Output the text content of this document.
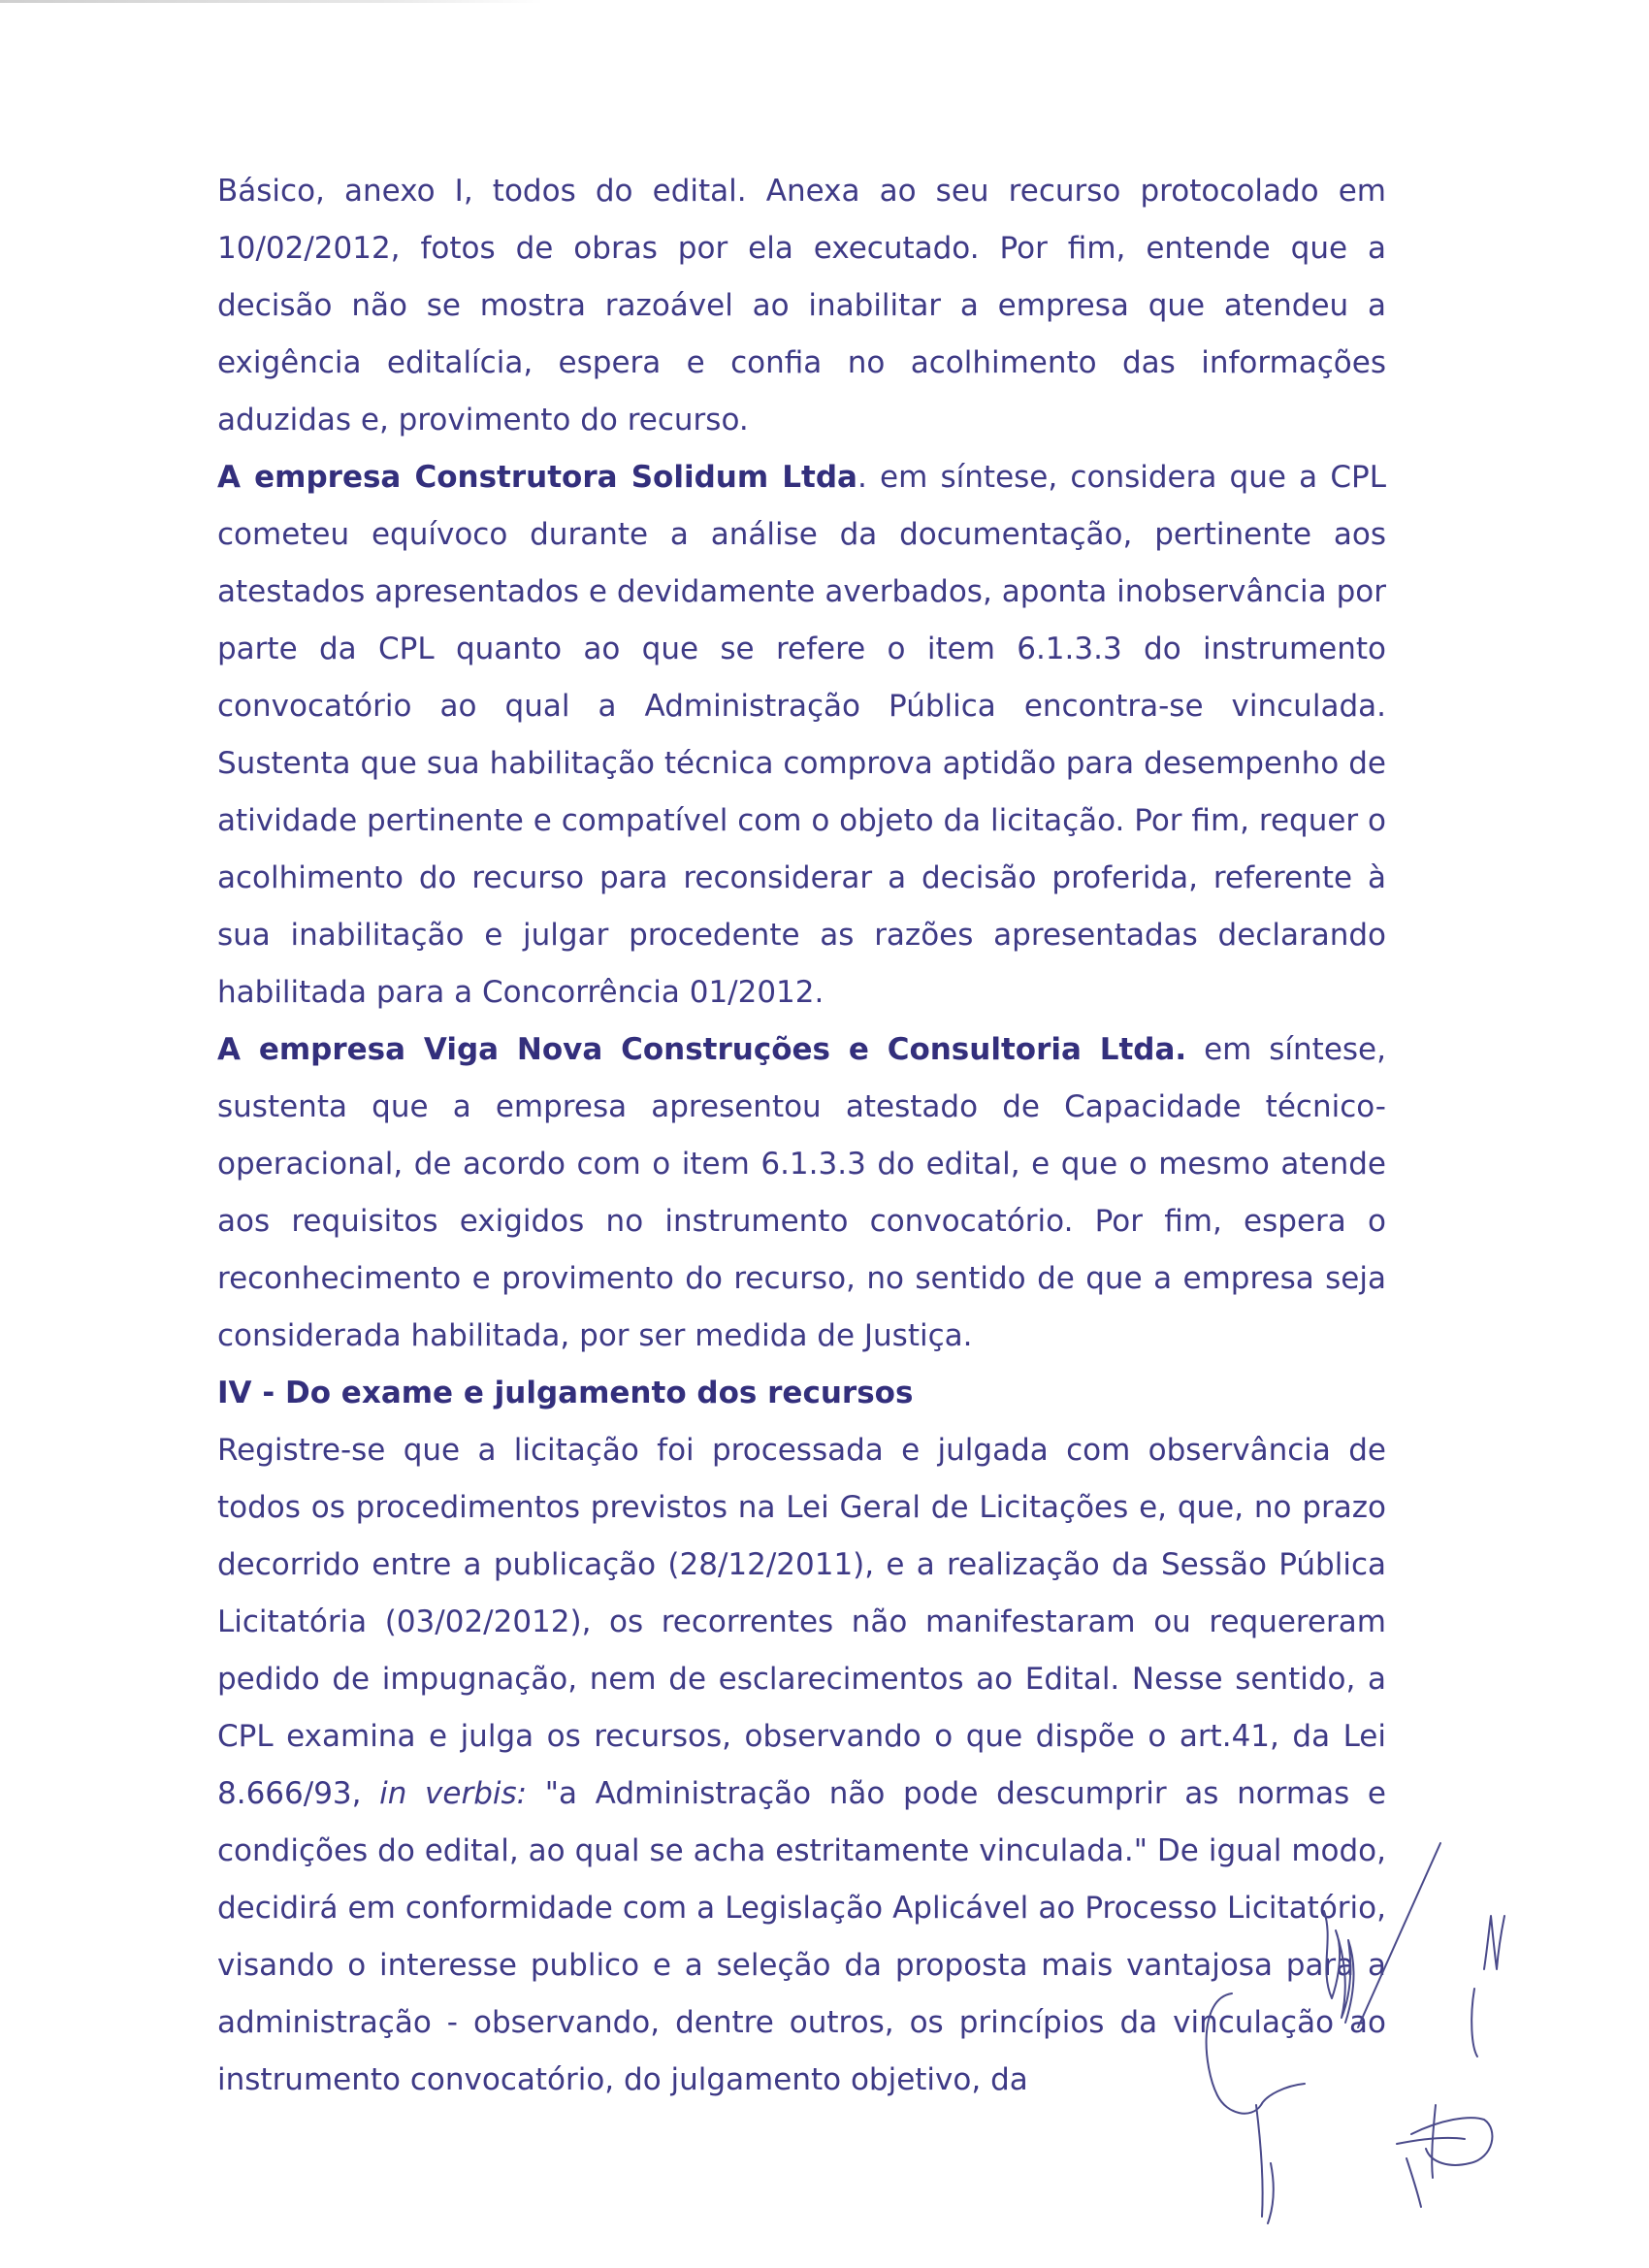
Básico, anexo I, todos do edital. Anexa ao seu recurso protocolado em 10/02/2012, fotos de obras por ela executado. Por fim, entende que a decisão não se mostra razoável ao inabilitar a empresa que atendeu a exigência editalícia, espera e confia no acolhimento das informações aduzidas e, provimento do recurso.

A empresa Construtora Solidum Ltda. em síntese, considera que a CPL cometeu equívoco durante a análise da documentação, pertinente aos atestados apresentados e devidamente averbados, aponta inobservância por parte da CPL quanto ao que se refere o item 6.1.3.3 do instrumento convocatório ao qual a Administração Pública encontra-se vinculada. Sustenta que sua habilitação técnica comprova aptidão para desempenho de atividade pertinente e compatível com o objeto da licitação. Por fim, requer o acolhimento do recurso para reconsiderar a decisão proferida, referente à sua inabilitação e julgar procedente as razões apresentadas declarando habilitada para a Concorrência 01/2012.

A empresa Viga Nova Construções e Consultoria Ltda. em síntese, sustenta que a empresa apresentou atestado de Capacidade técnico-operacional, de acordo com o item 6.1.3.3 do edital, e que o mesmo atende aos requisitos exigidos no instrumento convocatório. Por fim, espera o reconhecimento e provimento do recurso, no sentido de que a empresa seja considerada habilitada, por ser medida de Justiça.

IV - Do exame e julgamento dos recursos

Registre-se que a licitação foi processada e julgada com observância de todos os procedimentos previstos na Lei Geral de Licitações e, que, no prazo decorrido entre a publicação (28/12/2011), e a realização da Sessão Pública Licitatória (03/02/2012), os recorrentes não manifestaram ou requereram pedido de impugnação, nem de esclarecimentos ao Edital. Nesse sentido, a CPL examina e julga os recursos, observando o que dispõe o art.41, da Lei 8.666/93, in verbis: "a Administração não pode descumprir as normas e condições do edital, ao qual se acha estritamente vinculada." De igual modo, decidirá em conformidade com a Legislação Aplicável ao Processo Licitatório, visando o interesse publico e a seleção da proposta mais vantajosa para a administração - observando, dentre outros, os princípios da vinculação ao instrumento convocatório, do julgamento objetivo, da
